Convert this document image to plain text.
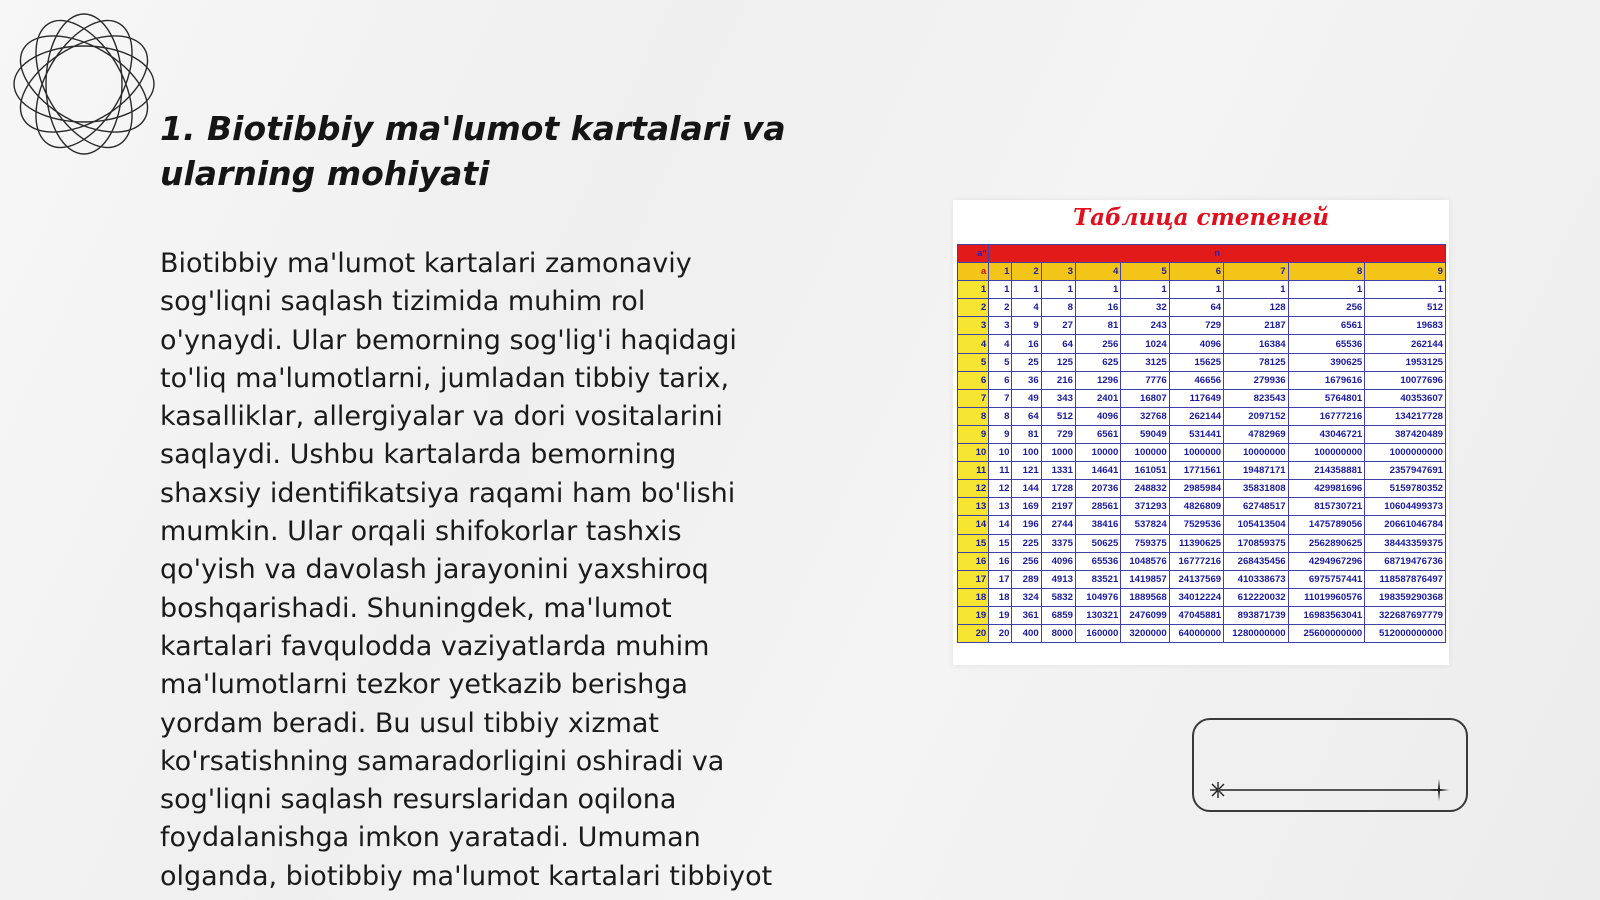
1. Biotibbiy ma'lumot kartalari va ularning mohiyati

Biotibbiy ma'lumot kartalari zamonaviy
sog'liqni saqlash tizimida muhim rol
o'ynaydi. Ular bemorning sog'lig'i haqidagi
to'liq ma'lumotlarni, jumladan tibbiy tarix,
kasalliklar, allergiyalar va dori vositalarini
saqlaydi. Ushbu kartalarda bemorning
shaxsiy identifikatsiya raqami ham bo'lishi
mumkin. Ular orqali shifokorlar tashxis
qo'yish va davolash jarayonini yaxshiroq
boshqarishadi. Shuningdek, ma'lumot
kartalari favqulodda vaziyatlarda muhim
ma'lumotlarni tezkor yetkazib berishga
yordam beradi. Bu usul tibbiy xizmat
ko'rsatishning samaradorligini oshiradi va
sog'liqni saqlash resurslaridan oqilona
foydalanishga imkon yaratadi. Umuman
olganda, biotibbiy ma'lumot kartalari tibbiyot

Таблица степеней
aⁿ	n								
a	1	2	3	4	5	6	7	8	9
1	1	1	1	1	1	1	1	1	1
2	2	4	8	16	32	64	128	256	512
3	3	9	27	81	243	729	2187	6561	19683
4	4	16	64	256	1024	4096	16384	65536	262144
5	5	25	125	625	3125	15625	78125	390625	1953125
6	6	36	216	1296	7776	46656	279936	1679616	10077696
7	7	49	343	2401	16807	117649	823543	5764801	40353607
8	8	64	512	4096	32768	262144	2097152	16777216	134217728
9	9	81	729	6561	59049	531441	4782969	43046721	387420489
10	10	100	1000	10000	100000	1000000	10000000	100000000	1000000000
11	11	121	1331	14641	161051	1771561	19487171	214358881	2357947691
12	12	144	1728	20736	248832	2985984	35831808	429981696	5159780352
13	13	169	2197	28561	371293	4826809	62748517	815730721	10604499373
14	14	196	2744	38416	537824	7529536	105413504	1475789056	20661046784
15	15	225	3375	50625	759375	11390625	170859375	2562890625	38443359375
16	16	256	4096	65536	1048576	16777216	268435456	4294967296	68719476736
17	17	289	4913	83521	1419857	24137569	410338673	6975757441	118587876497
18	18	324	5832	104976	1889568	34012224	612220032	11019960576	198359290368
19	19	361	6859	130321	2476099	47045881	893871739	16983563041	322687697779
20	20	400	8000	160000	3200000	64000000	1280000000	25600000000	512000000000
